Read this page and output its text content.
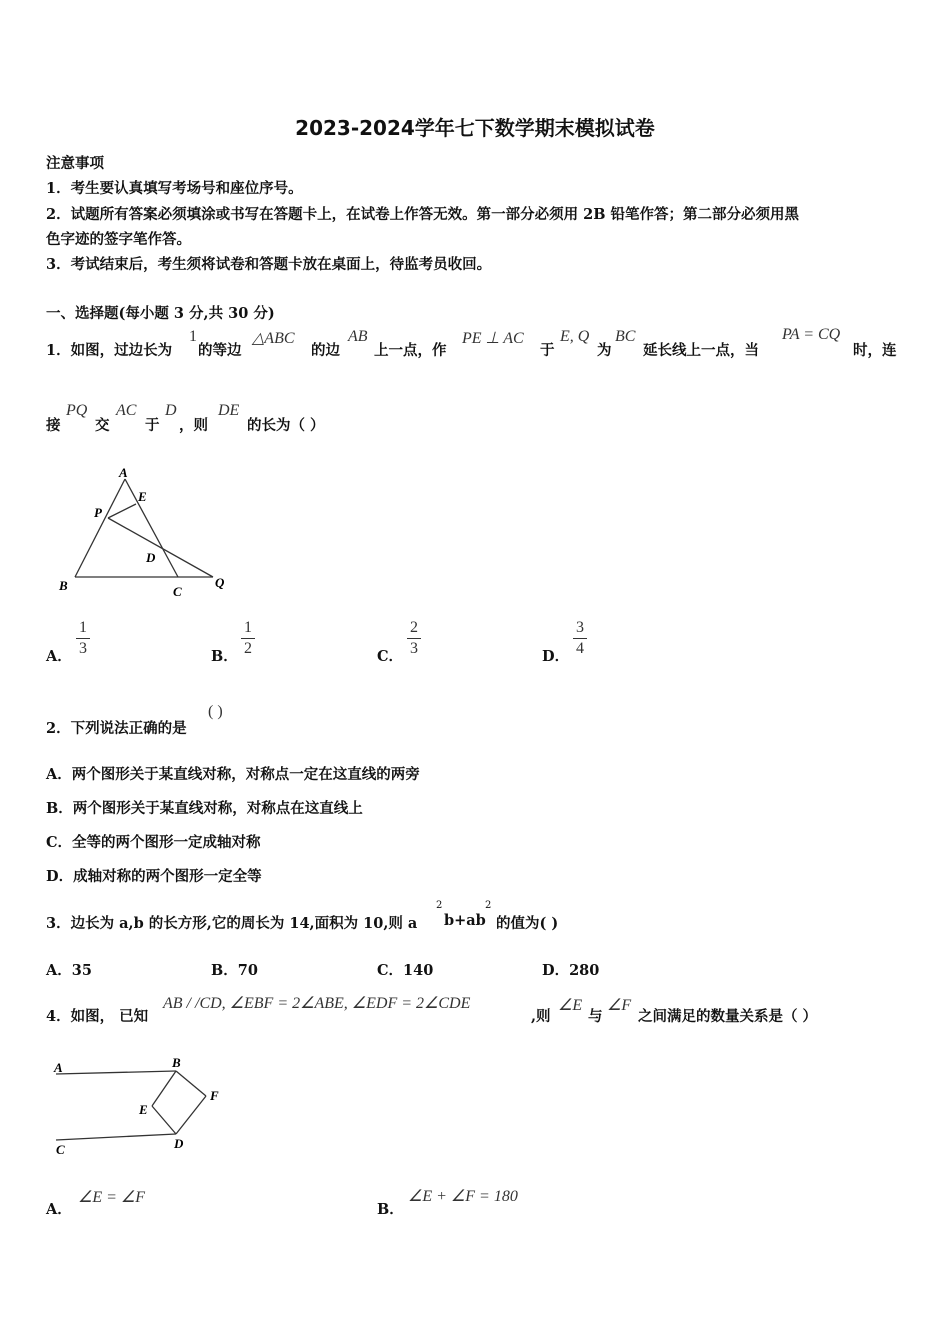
2023-2024学年七下数学期末模拟试卷
注意事项
1．考生要认真填写考场号和座位序号。
2．试题所有答案必须填涂或书写在答题卡上，在试卷上作答无效。第一部分必须用 2B 铅笔作答；第二部分必须用黑
色字迹的签字笔作答。
3．考试结束后，考生须将试卷和答题卡放在桌面上，待监考员收回。
一、选择题(每小题 3 分,共 30 分)
1．如图，过边长为
1
的等边
△ABC
的边
AB
上一点，作
PE ⊥ AC
于
E, Q
为
BC
延长线上一点，当
PA = CQ
时，连
接
PQ
交
AC
于
D
，则
DE
的长为（ ）
A
E
P
D
B	C
Q
A．
1
3	B．
1
2	C．
2
3	D．
3
4
2．下列说法正确的是
( )
A．两个图形关于某直线对称，对称点一定在这直线的两旁
B．两个图形关于某直线对称，对称点在这直线上
C．全等的两个图形一定成轴对称
D．成轴对称的两个图形一定全等
3．边长为 a,b 的长方形,它的周长为 14,面积为 10,则 a
2
b+ab
2
的值为( )
A．35	B．70	C．140	D．280
4．如图， 已知
AB / /CD, ∠EBF = 2∠ABE, ∠EDF = 2∠CDE
,则
∠E
与
∠F
之间满足的数量关系是（ ）
A	B
E
F
C	D
A．
∠E = ∠F
B．
∠E + ∠F = 180
